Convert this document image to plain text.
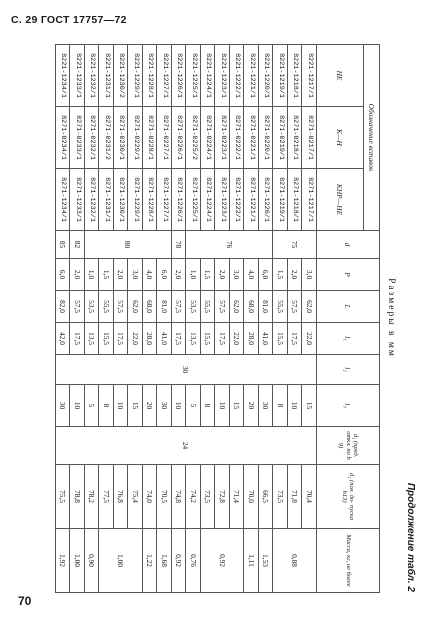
С. 29 ГОСТ 17757—72
Продолжение табл. 2
Размеры в мм
Обозначение вставок			d	P	L	l₁	l₂	l₃	d₁ (пред. откл. по h 9)	d₂ (пол. до- пуска h13)	Масса, кг, не более
НЕ	К—Н	КНР—НЕ									
8221-1217/1	8271-0217/1	8271-1217/1	75	3,0	62,0	22,0	30	15	24	70,4	0,88
8221-1218/1	8271-0218/1	8271-1218/1		2,0	57,5	17,5		10		71,8	
8221-1219/1	8271-0219/1	8271-1219/1		1,5	55,5	15,5		8		73,5	
8221-1220/1	8271-0220/1	8271-1220/1	76	6,0	81,0	41,0		30		66,5	1,53
8221-1221/1	8271-0221/1	8271-1221/1		4,0	68,0	28,0		20		70,0	1,11
8221-1222/1	8271-0222/1	8271-1222/1		3,0	62,0	22,0		15		71,4	0,92
8221-1223/1	8271-0223/1	8271-1223/1		2,0	57,5	17,5		10		72,8	
8221-1224/1	8271-0224/1	8271-1224/1		1,5	55,5	15,5		8		73,5	
8221-1225/1	8271-0225/2	8271-1225/1		1,0	53,5	13,5		5		74,2	0,76
8221-1226/1	8271-0226/1	8271-1226/1	78	2,0	57,5	17,5		10		74,8	0,92
8221-1227/1	8271-0227/1	8271-1227/1	80	6,0	81,0	41,0		30		70,5	1,68
8221-1228/1	8271-0228/1	8271-1228/1		4,0	68,0	28,0		20		74,0	1,22
8221-1229/1	8271-0229/1	8271-1229/1		3,0	62,0	22,0		15		75,4	1,00
8221-1230/2	8271-0230/1	8271-1230/1		2,0	57,5	17,5		10		76,8	
8221-1231/1	8271-0231/2	8271-1231/1		1,5	55,5	15,5		8		77,5	
8221-1232/1	8271-0232/1	8271-1232/1		1,0	53,5	13,5		5		78,2	0,90
8221-1233/1	8271-0233/1	8271-1233/1	82	2,0	57,5	17,5		10		78,8	1,00
8221-1234/1	8271-0234/1	8271-1234/1	85	6,0	82,0	42,0		30		75,5	1,92
70
